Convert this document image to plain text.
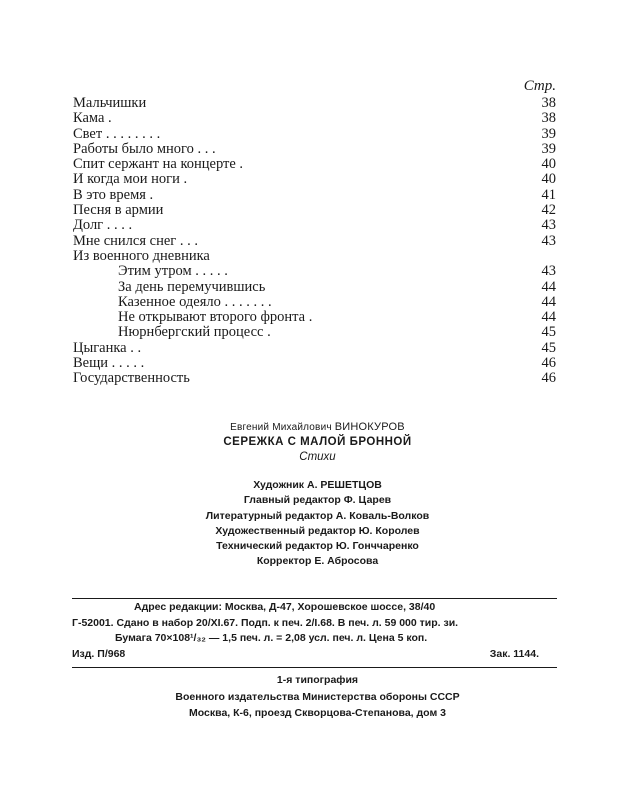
Стр.
Мальчишки	38
Кама .	38
Свет . . . . . . . .	39
Работы было много . . .	39
Спит сержант на концерте .	40
И когда мои ноги .	40
В это время .	41
Песня в армии	42
Долг . . . .	43
Мне снился снег . . .	43
Из военного дневника
Этим утром . . . . .	43
За день перемучившись	44
Казенное одеяло . . . . . . .	44
Не открывают второго фронта .	44
Нюрнбергский процесс .	45
Цыганка . .	45
Вещи . . . . .	46
Государственность	46
Евгений Михайлович ВИНОКУРОВ
СЕРЕЖКА С МАЛОЙ БРОННОЙ
Стихи
Художник А. РЕШЕТЦОВ
Главный редактор Ф. Царев
Литературный редактор А. Коваль-Волков
Художественный редактор Ю. Королев
Технический редактор Ю. Гонччаренко
Корректор Е. Абросова
Адрес редакции: Москва, Д-47, Хорошевское шоссе, 38/40
Г-52001. Сдано в набор 20/XI.67. Подп. к печ. 2/I.68. В печ. л. 59 000 тир. зи.
Бумага 70×108¹/₃₂ — 1,5 печ. л. = 2,08 усл. печ. л. Цена 5 коп.
Изд. П/968	Зак. 1144.
1-я типография
Военного издательства Министерства обороны СССР
Москва, К-6, проезд Скворцова-Степанова, дом 3
